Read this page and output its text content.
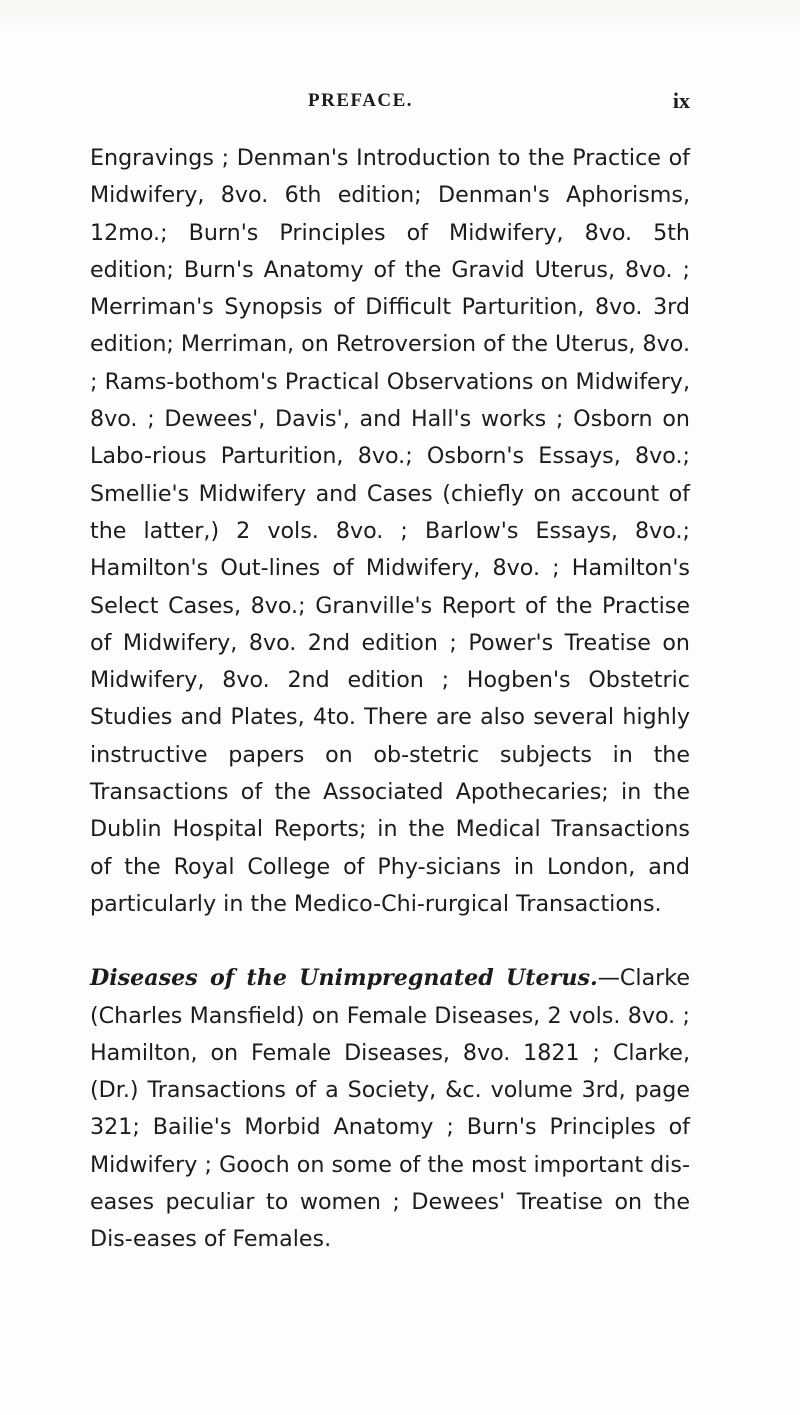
PREFACE.	ix

Engravings ; Denman's Introduction to the Practice of Midwifery, 8vo. 6th edition; Denman's Aphorisms, 12mo.; Burn's Principles of Midwifery, 8vo. 5th edition; Burn's Anatomy of the Gravid Uterus, 8vo. ; Merriman's Synopsis of Difficult Parturition, 8vo. 3rd edition; Merriman, on Retroversion of the Uterus, 8vo. ; Rams-bothom's Practical Observations on Midwifery, 8vo. ; Dewees', Davis', and Hall's works ; Osborn on Labo-rious Parturition, 8vo.; Osborn's Essays, 8vo.; Smellie's Midwifery and Cases (chiefly on account of the latter,) 2 vols. 8vo. ; Barlow's Essays, 8vo.; Hamilton's Out-lines of Midwifery, 8vo. ; Hamilton's Select Cases, 8vo.; Granville's Report of the Practise of Midwifery, 8vo. 2nd edition ; Power's Treatise on Midwifery, 8vo. 2nd edition ; Hogben's Obstetric Studies and Plates, 4to. There are also several highly instructive papers on ob-stetric subjects in the Transactions of the Associated Apothecaries; in the Dublin Hospital Reports; in the Medical Transactions of the Royal College of Phy-sicians in London, and particularly in the Medico-Chi-rurgical Transactions.

Diseases of the Unimpregnated Uterus.—Clarke (Charles Mansfield) on Female Diseases, 2 vols. 8vo. ; Hamilton, on Female Diseases, 8vo. 1821 ; Clarke, (Dr.) Transactions of a Society, &c. volume 3rd, page 321; Bailie's Morbid Anatomy ; Burn's Principles of Midwifery ; Gooch on some of the most important dis-eases peculiar to women ; Dewees' Treatise on the Dis-eases of Females.
